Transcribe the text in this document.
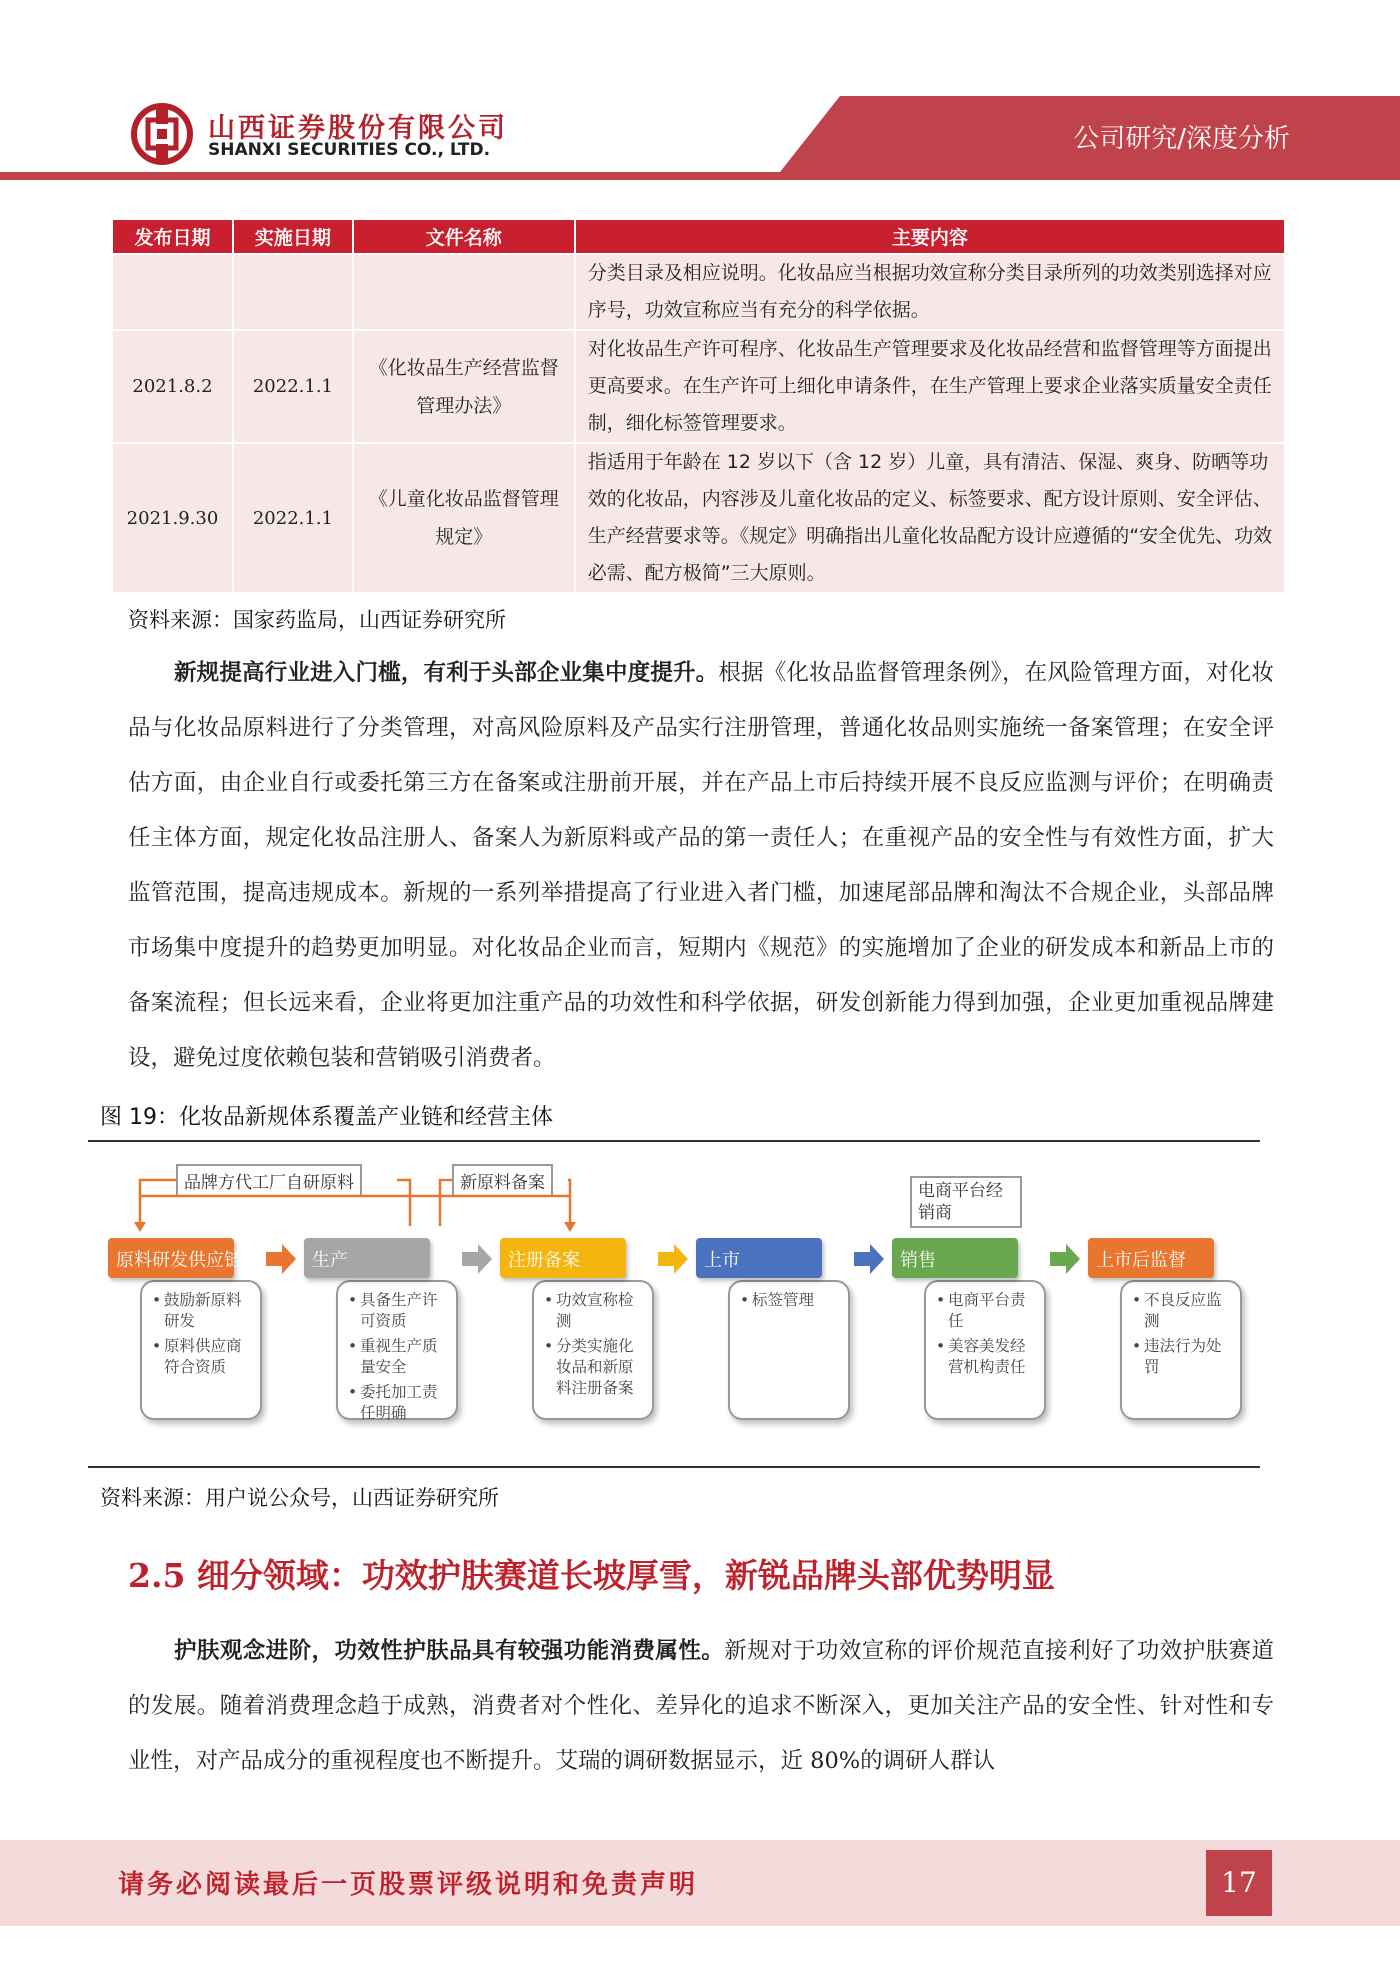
山西证券股份有限公司
SHANXI SECURITIES CO., LTD.	公司研究/深度分析
发布日期	实施日期	文件名称	主要内容
			分类目录及相应说明。化妆品应当根据功效宣称分类目录所列的功效类别选择对应序号，功效宣称应当有充分的科学依据。
2021.8.2	2022.1.1	《化妆品生产经营监督管理办法》	对化妆品生产许可程序、化妆品生产管理要求及化妆品经营和监督管理等方面提出更高要求。在生产许可上细化申请条件，在生产管理上要求企业落实质量安全责任制，细化标签管理要求。
2021.9.30	2022.1.1	《儿童化妆品监督管理规定》	指适用于年龄在 12 岁以下（含 12 岁）儿童，具有清洁、保湿、爽身、防晒等功效的化妆品，内容涉及儿童化妆品的定义、标签要求、配方设计原则、安全评估、生产经营要求等。《规定》明确指出儿童化妆品配方设计应遵循的“安全优先、功效必需、配方极简”三大原则。
资料来源：国家药监局，山西证券研究所
新规提高行业进入门槛，有利于头部企业集中度提升。根据《化妆品监督管理条例》，在风险管理方面，对化妆品与化妆品原料进行了分类管理，对高风险原料及产品实行注册管理，普通化妆品则实施统一备案管理；在安全评估方面，由企业自行或委托第三方在备案或注册前开展，并在产品上市后持续开展不良反应监测与评价；在明确责任主体方面，规定化妆品注册人、备案人为新原料或产品的第一责任人；在重视产品的安全性与有效性方面，扩大监管范围，提高违规成本。新规的一系列举措提高了行业进入者门槛，加速尾部品牌和淘汰不合规企业，头部品牌市场集中度提升的趋势更加明显。对化妆品企业而言，短期内《规范》的实施增加了企业的研发成本和新品上市的备案流程；但长远来看，企业将更加注重产品的功效性和科学依据，研发创新能力得到加强，企业更加重视品牌建设，避免过度依赖包装和营销吸引消费者。
图 19：化妆品新规体系覆盖产业链和经营主体
品牌方代工厂自研原料	新原料备案	电商平台经销商
• 鼓励新原料研发
• 原料供应商符合资质
原料研发供应链
• 具备生产许可资质
• 重视生产质量安全
• 委托加工责任明确
生产
• 功效宣称检测
• 分类实施化妆品和新原料注册备案
注册备案
• 标签管理
上市
• 电商平台责任
• 美容美发经营机构责任
销售
• 不良反应监测
• 违法行为处罚
上市后监督
资料来源：用户说公众号，山西证券研究所
2.5 细分领域：功效护肤赛道长坡厚雪，新锐品牌头部优势明显
护肤观念进阶，功效性护肤品具有较强功能消费属性。新规对于功效宣称的评价规范直接利好了功效护肤赛道的发展。随着消费理念趋于成熟，消费者对个性化、差异化的追求不断深入，更加关注产品的安全性、针对性和专业性，对产品成分的重视程度也不断提升。艾瑞的调研数据显示，近 80%的调研人群认
请务必阅读最后一页股票评级说明和免责声明	17
